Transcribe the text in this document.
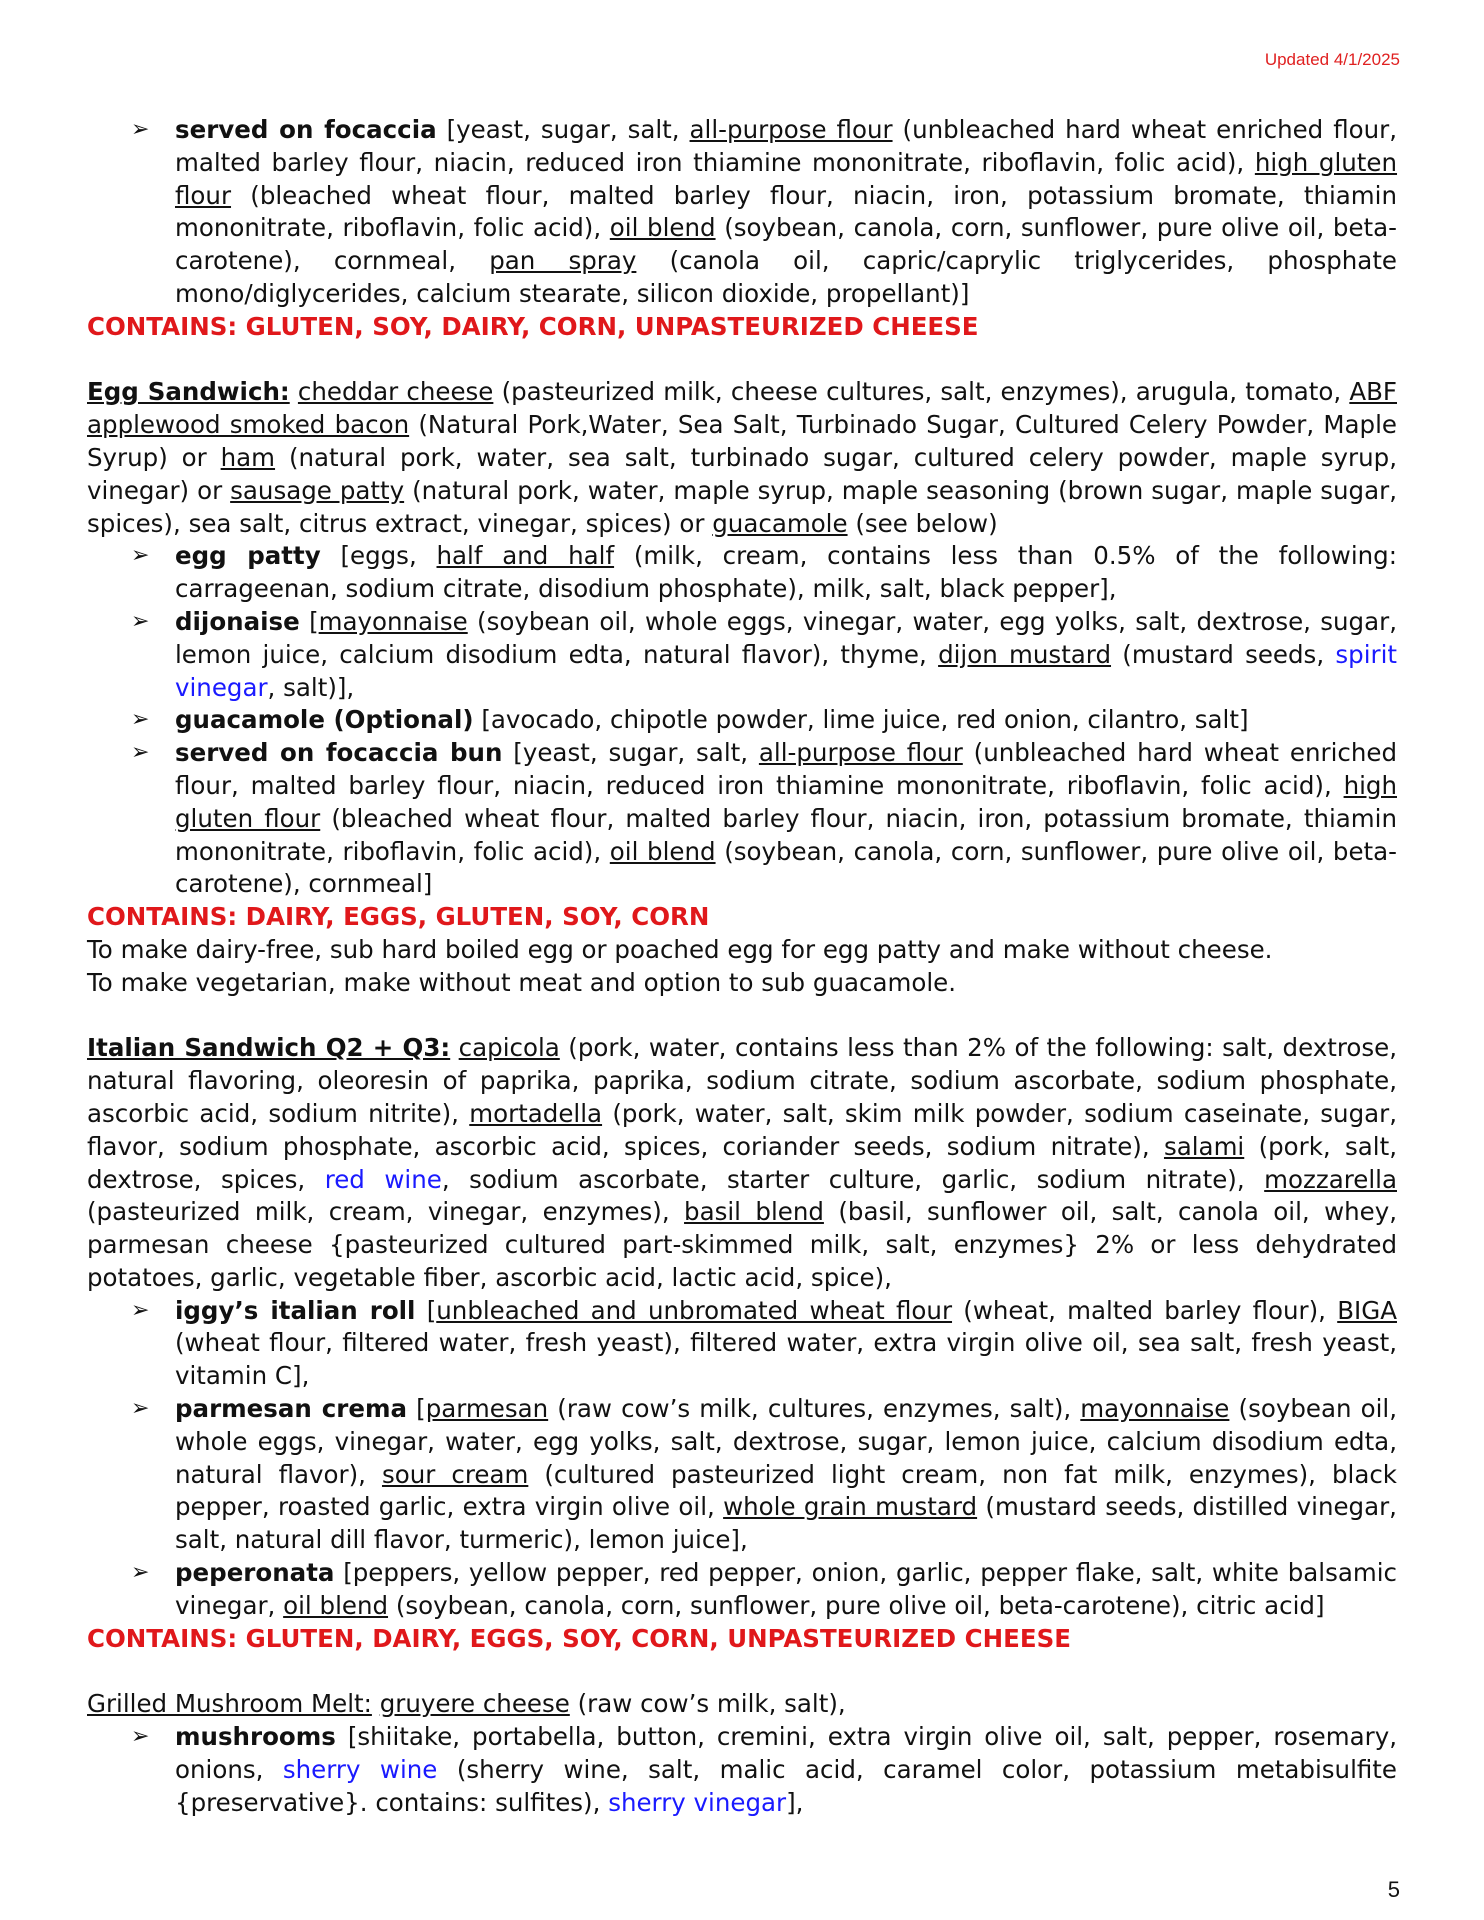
Updated 4/1/2025
➢ served on focaccia [yeast, sugar, salt, all-purpose flour (unbleached hard wheat enriched flour, malted barley flour, niacin, reduced iron thiamine mononitrate, riboflavin, folic acid), high gluten flour (bleached wheat flour, malted barley flour, niacin, iron, potassium bromate, thiamin mononitrate, riboflavin, folic acid), oil blend (soybean, canola, corn, sunflower, pure olive oil, beta-carotene), cornmeal, pan spray (canola oil, capric/caprylic triglycerides, phosphate mono/diglycerides, calcium stearate, silicon dioxide, propellant)]

CONTAINS: GLUTEN, SOY, DAIRY, CORN, UNPASTEURIZED CHEESE

Egg Sandwich: cheddar cheese (pasteurized milk, cheese cultures, salt, enzymes), arugula, tomato, ABF applewood smoked bacon (Natural Pork,Water, Sea Salt, Turbinado Sugar, Cultured Celery Powder, Maple Syrup) or ham (natural pork, water, sea salt, turbinado sugar, cultured celery powder, maple syrup, vinegar) or sausage patty (natural pork, water, maple syrup, maple seasoning (brown sugar, maple sugar, spices), sea salt, citrus extract, vinegar, spices) or guacamole (see below)

➢ egg patty [eggs, half and half (milk, cream, contains less than 0.5% of the following: carrageenan, sodium citrate, disodium phosphate), milk, salt, black pepper],
➢ dijonaise [mayonnaise (soybean oil, whole eggs, vinegar, water, egg yolks, salt, dextrose, sugar, lemon juice, calcium disodium edta, natural flavor), thyme, dijon mustard (mustard seeds, spirit vinegar, salt)],
➢ guacamole (Optional) [avocado, chipotle powder, lime juice, red onion, cilantro, salt]
➢ served on focaccia bun [yeast, sugar, salt, all-purpose flour (unbleached hard wheat enriched flour, malted barley flour, niacin, reduced iron thiamine mononitrate, riboflavin, folic acid), high gluten flour (bleached wheat flour, malted barley flour, niacin, iron, potassium bromate, thiamin mononitrate, riboflavin, folic acid), oil blend (soybean, canola, corn, sunflower, pure olive oil, beta-carotene), cornmeal]

CONTAINS: DAIRY, EGGS, GLUTEN, SOY, CORN

To make dairy-free, sub hard boiled egg or poached egg for egg patty and make without cheese.

To make vegetarian, make without meat and option to sub guacamole.

Italian Sandwich Q2 + Q3: capicola (pork, water, contains less than 2% of the following: salt, dextrose, natural flavoring, oleoresin of paprika, paprika, sodium citrate, sodium ascorbate, sodium phosphate, ascorbic acid, sodium nitrite), mortadella (pork, water, salt, skim milk powder, sodium caseinate, sugar, flavor, sodium phosphate, ascorbic acid, spices, coriander seeds, sodium nitrate), salami (pork, salt, dextrose, spices, red wine, sodium ascorbate, starter culture, garlic, sodium nitrate), mozzarella (pasteurized milk, cream, vinegar, enzymes), basil blend (basil, sunflower oil, salt, canola oil, whey, parmesan cheese {pasteurized cultured part-skimmed milk, salt, enzymes} 2% or less dehydrated potatoes, garlic, vegetable fiber, ascorbic acid, lactic acid, spice),

➢ iggy’s italian roll [unbleached and unbromated wheat flour (wheat, malted barley flour), BIGA (wheat flour, filtered water, fresh yeast), filtered water, extra virgin olive oil, sea salt, fresh yeast, vitamin C],
➢ parmesan crema [parmesan (raw cow’s milk, cultures, enzymes, salt), mayonnaise (soybean oil, whole eggs, vinegar, water, egg yolks, salt, dextrose, sugar, lemon juice, calcium disodium edta, natural flavor), sour cream (cultured pasteurized light cream, non fat milk, enzymes), black pepper, roasted garlic, extra virgin olive oil, whole grain mustard (mustard seeds, distilled vinegar, salt, natural dill flavor, turmeric), lemon juice],
➢ peperonata [peppers, yellow pepper, red pepper, onion, garlic, pepper flake, salt, white balsamic vinegar, oil blend (soybean, canola, corn, sunflower, pure olive oil, beta-carotene), citric acid]

CONTAINS: GLUTEN, DAIRY, EGGS, SOY, CORN, UNPASTEURIZED CHEESE

Grilled Mushroom Melt: gruyere cheese (raw cow’s milk, salt),

➢ mushrooms [shiitake, portabella, button, cremini, extra virgin olive oil, salt, pepper, rosemary, onions, sherry wine (sherry wine, salt, malic acid, caramel color, potassium metabisulfite {preservative}. contains: sulfites), sherry vinegar],
5
